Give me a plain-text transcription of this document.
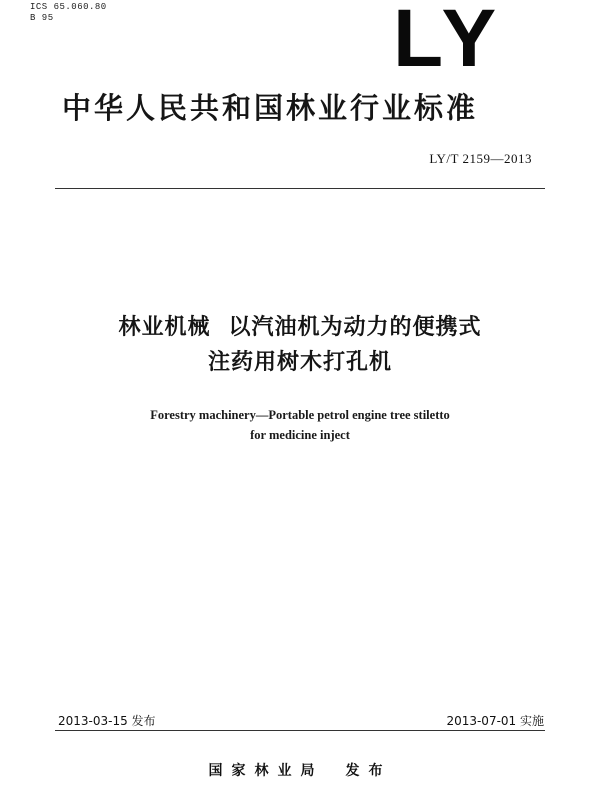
ICS 65.060.80
B 95	LY
中华人民共和国林业行业标准
LY/T 2159—2013
林业机械 以汽油机为动力的便携式
注药用树木打孔机
Forestry machinery—Portable petrol engine tree stiletto
for medicine inject
2013-03-15 发布	2013-07-01 实施
国家林业局 发布
